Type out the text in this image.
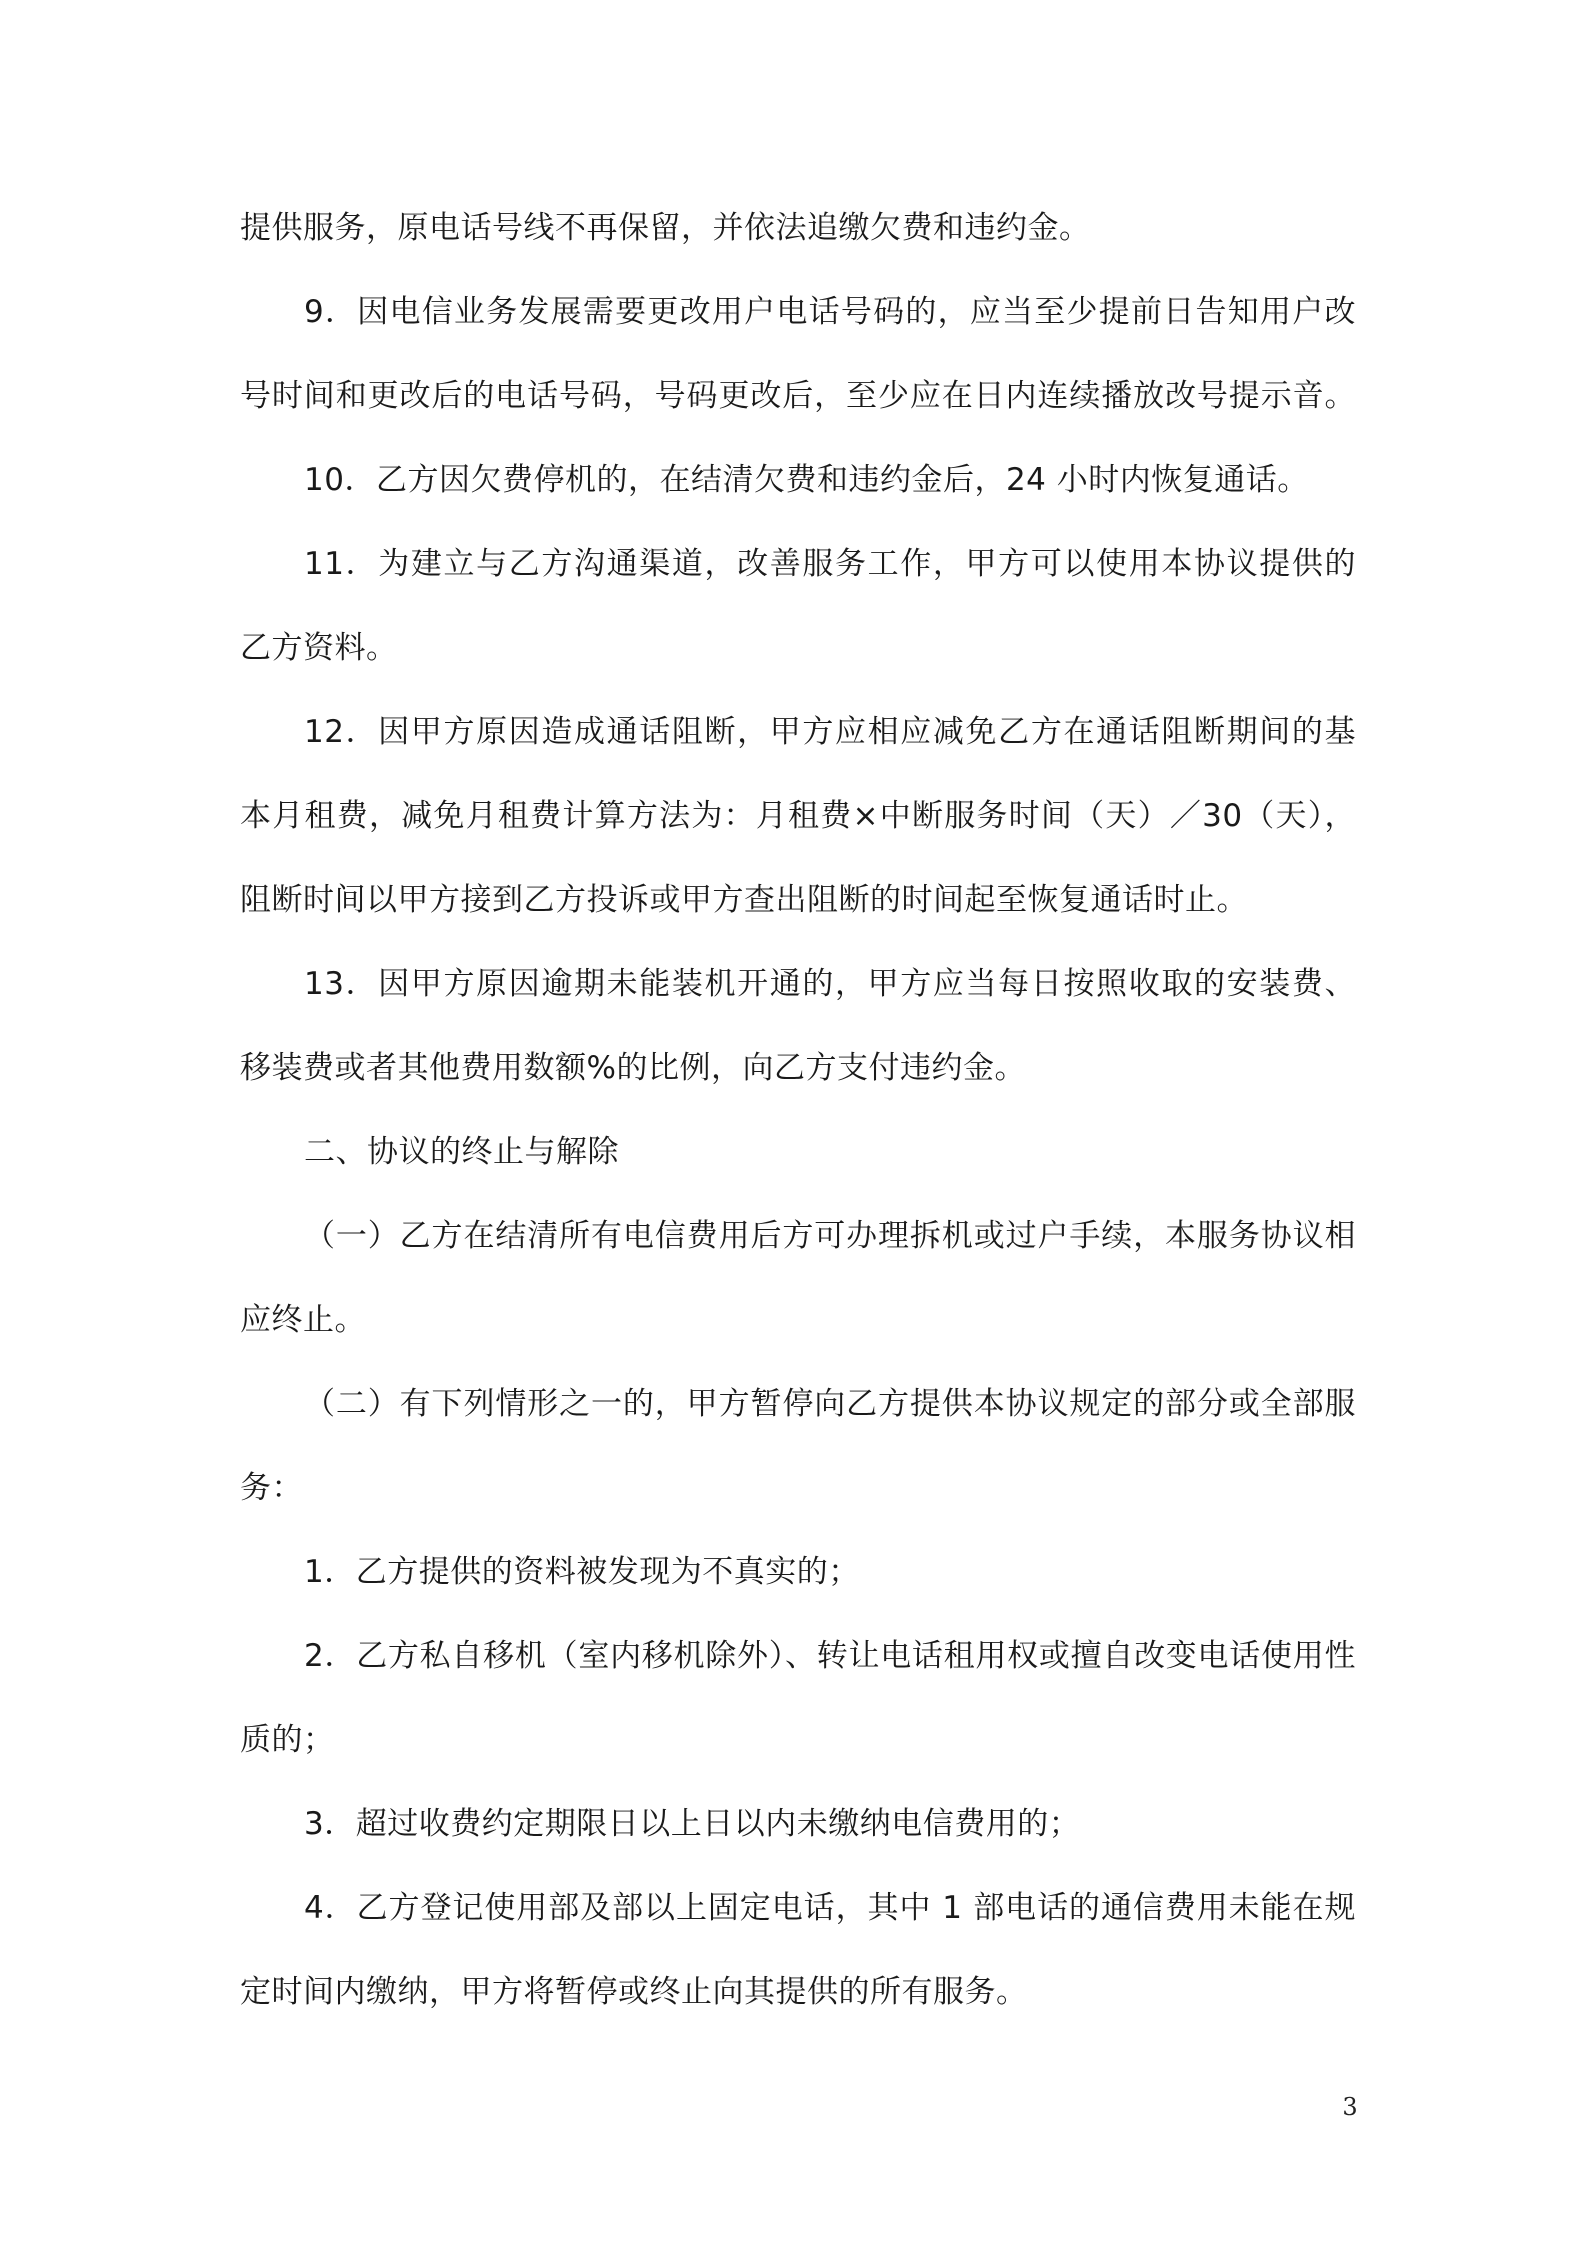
提供服务，原电话号线不再保留，并依法追缴欠费和违约金。

9．因电信业务发展需要更改用户电话号码的，应当至少提前日告知用户改

号时间和更改后的电话号码，号码更改后，至少应在日内连续播放改号提示音。

10．乙方因欠费停机的，在结清欠费和违约金后，24 小时内恢复通话。

11．为建立与乙方沟通渠道，改善服务工作，甲方可以使用本协议提供的

乙方资料。

12．因甲方原因造成通话阻断，甲方应相应减免乙方在通话阻断期间的基

本月租费，减免月租费计算方法为：月租费×中断服务时间（天）／30（天），

阻断时间以甲方接到乙方投诉或甲方查出阻断的时间起至恢复通话时止。

13．因甲方原因逾期未能装机开通的，甲方应当每日按照收取的安装费、

移装费或者其他费用数额%的比例，向乙方支付违约金。

二、协议的终止与解除

（一）乙方在结清所有电信费用后方可办理拆机或过户手续，本服务协议相

应终止。

（二）有下列情形之一的，甲方暂停向乙方提供本协议规定的部分或全部服

务：

1．乙方提供的资料被发现为不真实的；

2．乙方私自移机（室内移机除外）、转让电话租用权或擅自改变电话使用性

质的；

3．超过收费约定期限日以上日以内未缴纳电信费用的；

4．乙方登记使用部及部以上固定电话，其中 1 部电话的通信费用未能在规

定时间内缴纳，甲方将暂停或终止向其提供的所有服务。

3
